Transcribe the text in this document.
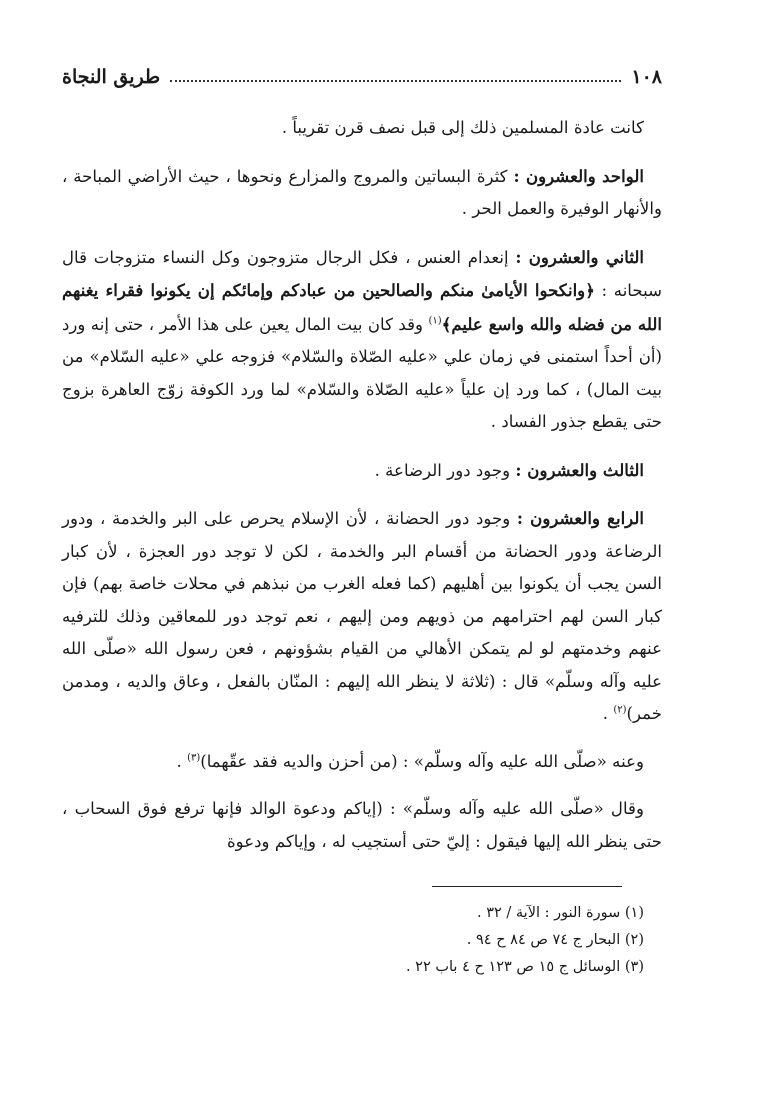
١٠٨
طريق النجاة

كانت عادة المسلمين ذلك إلى قبل نصف قرن تقريباً .

الواحد والعشرون : كثرة البساتين والمروج والمزارع ونحوها ، حيث الأراضي المباحة ، والأنهار الوفيرة والعمل الحر .

الثاني والعشرون : إنعدام العنس ، فكل الرجال متزوجون وكل النساء متزوجات قال سبحانه : ﴿وانكحوا الأيامىٰ منكم والصالحين من عبادكم وإمائكم إن يكونوا فقراء يغنهم الله من فضله والله واسع عليم﴾$^{(١)}$ وقد كان بيت المال يعين على هذا الأمر ، حتى إنه ورد (أن أحداً استمنى في زمان علي «عليه الصّلاة والسّلام» فزوجه علي «عليه السّلام» من بيت المال) ، كما ورد إن علياً «عليه الصّلاة والسّلام» لما ورد الكوفة زوّج العاهرة بزوج حتى يقطع جذور الفساد .

الثالث والعشرون : وجود دور الرضاعة .

الرابع والعشرون : وجود دور الحضانة ، لأن الإسلام يحرص على البر والخدمة ، ودور الرضاعة ودور الحضانة من أقسام البر والخدمة ، لكن لا توجد دور العجزة ، لأن كبار السن يجب أن يكونوا بين أهليهم (كما فعله الغرب من نبذهم في محلات خاصة بهم) فإن كبار السن لهم احترامهم من ذويهم ومن إليهم ، نعم توجد دور للمعاقين وذلك للترفيه عنهم وخدمتهم لو لم يتمكن الأهالي من القيام بشؤونهم ، فعن رسول الله «صلّى الله عليه وآله وسلّم» قال : (ثلاثة لا ينظر الله إليهم : المنّان بالفعل ، وعاق والديه ، ومدمن خمر)$^{(٢)}$ .

وعنه «صلّى الله عليه وآله وسلّم» : (من أحزن والديه فقد عقّهما)$^{(٣)}$ .

وقال «صلّى الله عليه وآله وسلّم» : (إياكم ودعوة الوالد فإنها ترفع فوق السحاب ، حتى ينظر الله إليها فيقول : إليّ حتى أستجيب له ، وإياكم ودعوة

(١) سورة النور : الآية / ٣٢ .
(٢) البحار ج ٧٤ ص ٨٤ ح ٩٤ .
(٣) الوسائل ج ١٥ ص ١٢٣ ح ٤ باب ٢٢ .
